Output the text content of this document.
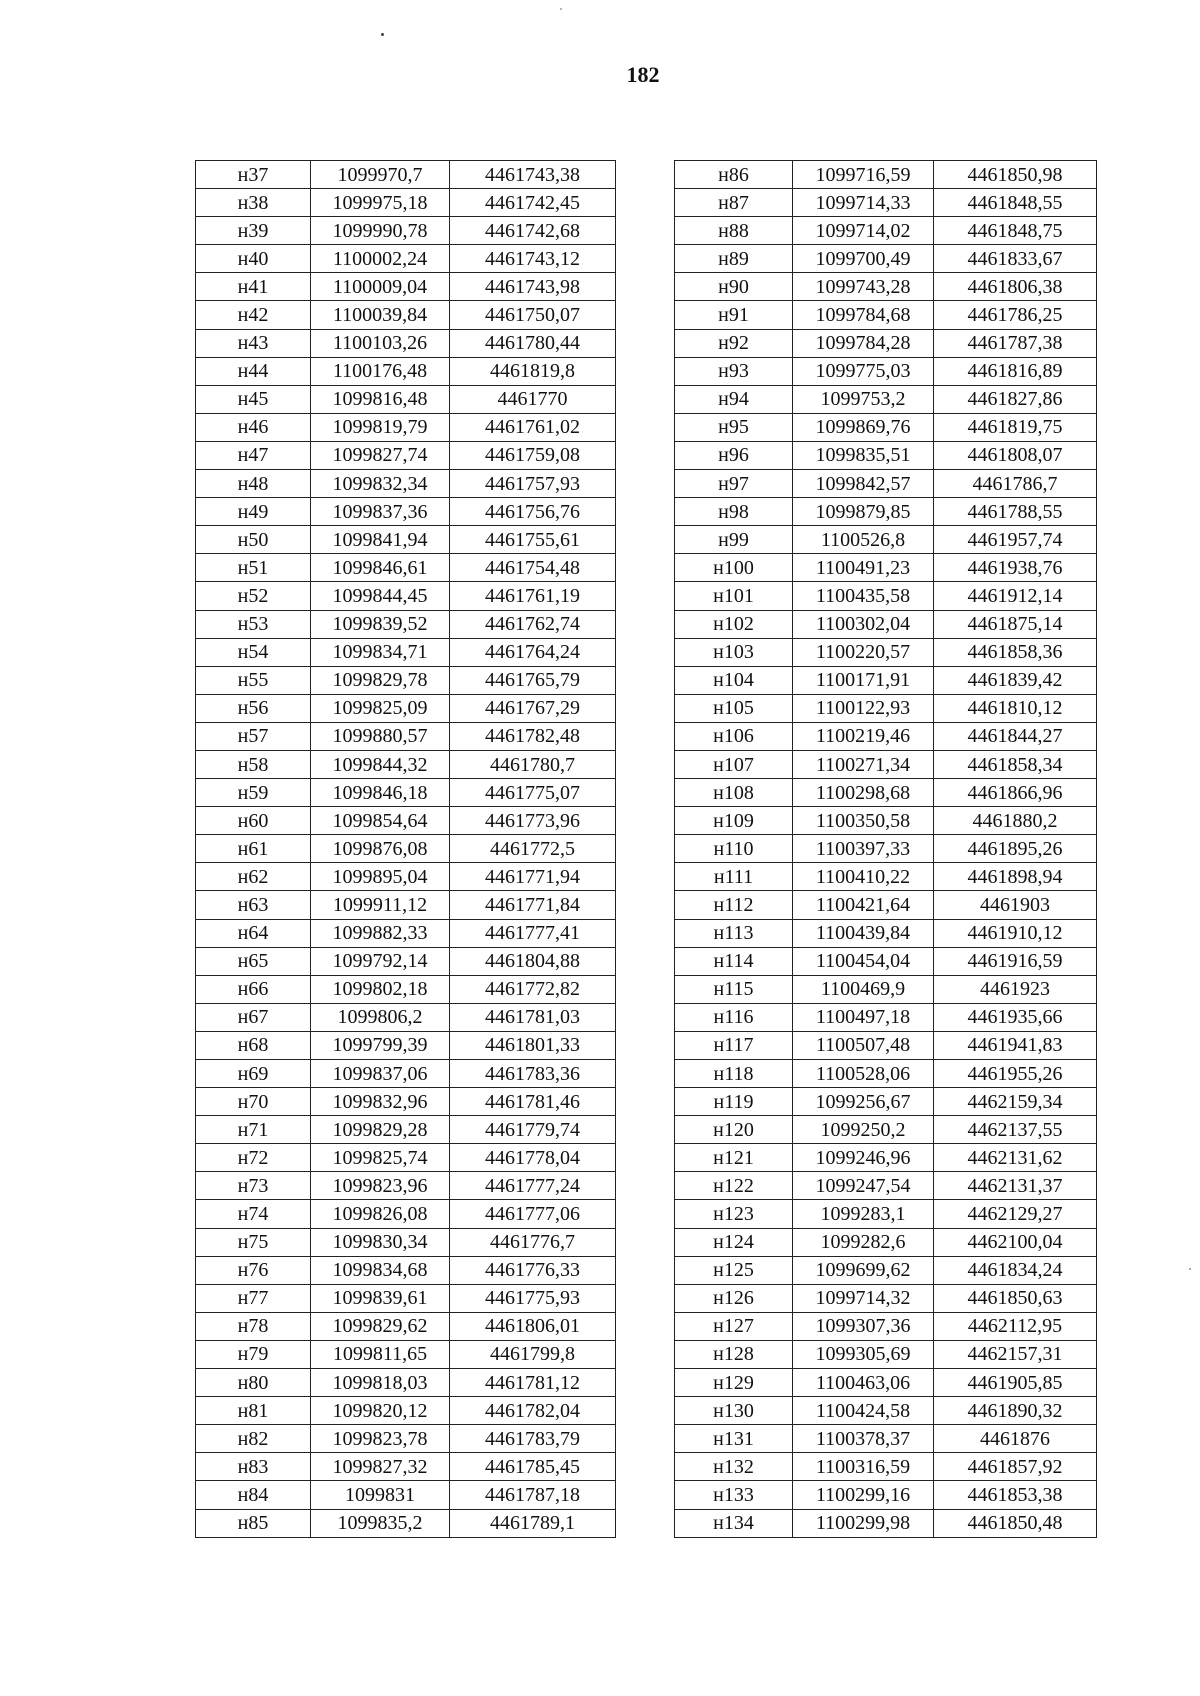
182
н37	1099970,7	4461743,38
н38	1099975,18	4461742,45
н39	1099990,78	4461742,68
н40	1100002,24	4461743,12
н41	1100009,04	4461743,98
н42	1100039,84	4461750,07
н43	1100103,26	4461780,44
н44	1100176,48	4461819,8
н45	1099816,48	4461770
н46	1099819,79	4461761,02
н47	1099827,74	4461759,08
н48	1099832,34	4461757,93
н49	1099837,36	4461756,76
н50	1099841,94	4461755,61
н51	1099846,61	4461754,48
н52	1099844,45	4461761,19
н53	1099839,52	4461762,74
н54	1099834,71	4461764,24
н55	1099829,78	4461765,79
н56	1099825,09	4461767,29
н57	1099880,57	4461782,48
н58	1099844,32	4461780,7
н59	1099846,18	4461775,07
н60	1099854,64	4461773,96
н61	1099876,08	4461772,5
н62	1099895,04	4461771,94
н63	1099911,12	4461771,84
н64	1099882,33	4461777,41
н65	1099792,14	4461804,88
н66	1099802,18	4461772,82
н67	1099806,2	4461781,03
н68	1099799,39	4461801,33
н69	1099837,06	4461783,36
н70	1099832,96	4461781,46
н71	1099829,28	4461779,74
н72	1099825,74	4461778,04
н73	1099823,96	4461777,24
н74	1099826,08	4461777,06
н75	1099830,34	4461776,7
н76	1099834,68	4461776,33
н77	1099839,61	4461775,93
н78	1099829,62	4461806,01
н79	1099811,65	4461799,8
н80	1099818,03	4461781,12
н81	1099820,12	4461782,04
н82	1099823,78	4461783,79
н83	1099827,32	4461785,45
н84	1099831	4461787,18
н85	1099835,2	4461789,1
н86	1099716,59	4461850,98
н87	1099714,33	4461848,55
н88	1099714,02	4461848,75
н89	1099700,49	4461833,67
н90	1099743,28	4461806,38
н91	1099784,68	4461786,25
н92	1099784,28	4461787,38
н93	1099775,03	4461816,89
н94	1099753,2	4461827,86
н95	1099869,76	4461819,75
н96	1099835,51	4461808,07
н97	1099842,57	4461786,7
н98	1099879,85	4461788,55
н99	1100526,8	4461957,74
н100	1100491,23	4461938,76
н101	1100435,58	4461912,14
н102	1100302,04	4461875,14
н103	1100220,57	4461858,36
н104	1100171,91	4461839,42
н105	1100122,93	4461810,12
н106	1100219,46	4461844,27
н107	1100271,34	4461858,34
н108	1100298,68	4461866,96
н109	1100350,58	4461880,2
н110	1100397,33	4461895,26
н111	1100410,22	4461898,94
н112	1100421,64	4461903
н113	1100439,84	4461910,12
н114	1100454,04	4461916,59
н115	1100469,9	4461923
н116	1100497,18	4461935,66
н117	1100507,48	4461941,83
н118	1100528,06	4461955,26
н119	1099256,67	4462159,34
н120	1099250,2	4462137,55
н121	1099246,96	4462131,62
н122	1099247,54	4462131,37
н123	1099283,1	4462129,27
н124	1099282,6	4462100,04
н125	1099699,62	4461834,24
н126	1099714,32	4461850,63
н127	1099307,36	4462112,95
н128	1099305,69	4462157,31
н129	1100463,06	4461905,85
н130	1100424,58	4461890,32
н131	1100378,37	4461876
н132	1100316,59	4461857,92
н133	1100299,16	4461853,38
н134	1100299,98	4461850,48
